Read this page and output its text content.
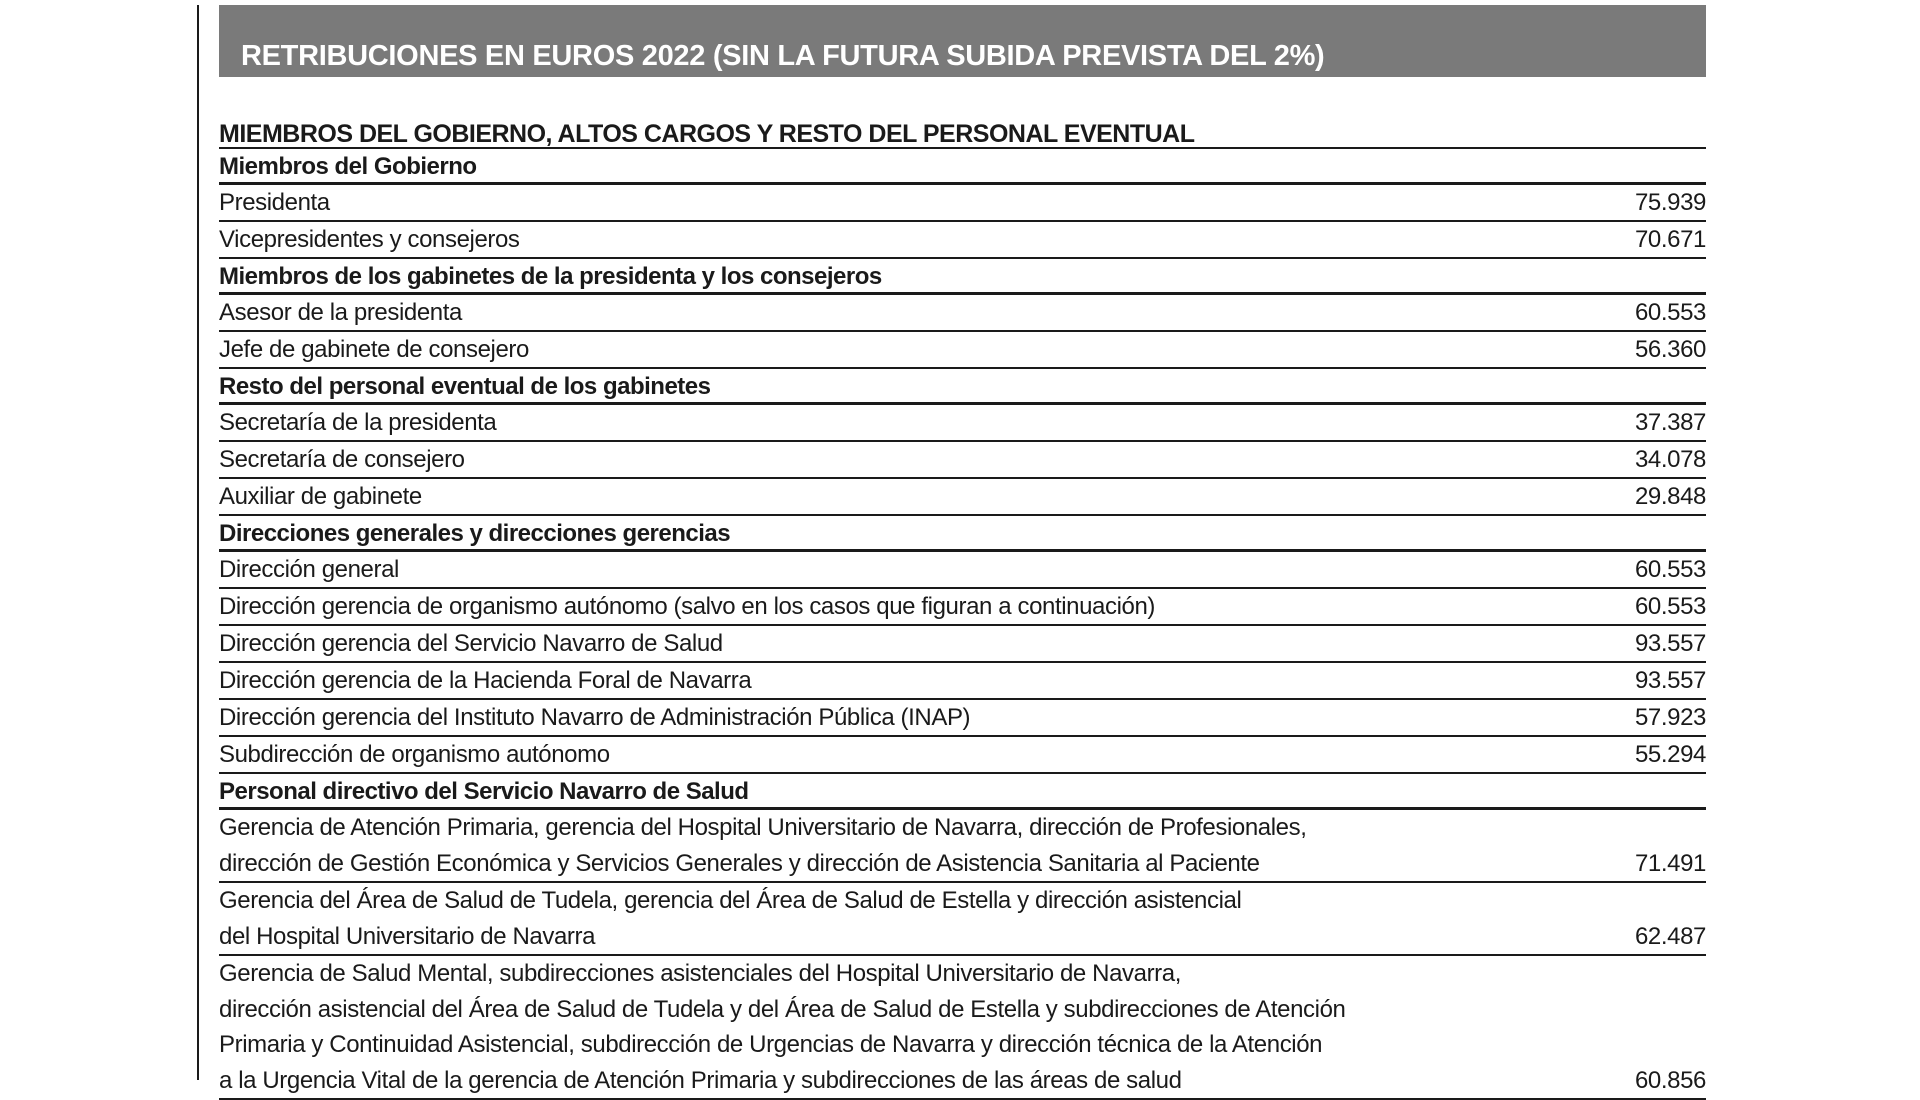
RETRIBUCIONES EN EUROS 2022 (SIN LA FUTURA SUBIDA PREVISTA DEL 2%)
MIEMBROS DEL GOBIERNO, ALTOS CARGOS Y RESTO DEL PERSONAL EVENTUAL
Miembros del Gobierno
Presidenta	75.939
Vicepresidentes y consejeros	70.671
Miembros de los gabinetes de la presidenta y los consejeros
Asesor de la presidenta	60.553
Jefe de gabinete de consejero	56.360
Resto del personal eventual de los gabinetes
Secretaría de la presidenta	37.387
Secretaría de consejero	34.078
Auxiliar de gabinete	29.848
Direcciones generales y direcciones gerencias
Dirección general	60.553
Dirección gerencia de organismo autónomo (salvo en los casos que figuran a continuación)	60.553
Dirección gerencia del Servicio Navarro de Salud	93.557
Dirección gerencia de la Hacienda Foral de Navarra	93.557
Dirección gerencia del Instituto Navarro de Administración Pública (INAP)	57.923
Subdirección de organismo autónomo	55.294
Personal directivo del Servicio Navarro de Salud
Gerencia de Atención Primaria, gerencia del Hospital Universitario de Navarra, dirección de Profesionales,
dirección de Gestión Económica y Servicios Generales y dirección de Asistencia Sanitaria al Paciente	71.491
Gerencia del Área de Salud de Tudela, gerencia del Área de Salud de Estella y dirección asistencial
del Hospital Universitario de Navarra	62.487
Gerencia de Salud Mental, subdirecciones asistenciales del Hospital Universitario de Navarra,
dirección asistencial del Área de Salud de Tudela y del Área de Salud de Estella y subdirecciones de Atención
Primaria y Continuidad Asistencial, subdirección de Urgencias de Navarra y dirección técnica de la Atención
a la Urgencia Vital de la gerencia de Atención Primaria y subdirecciones de las áreas de salud	60.856
